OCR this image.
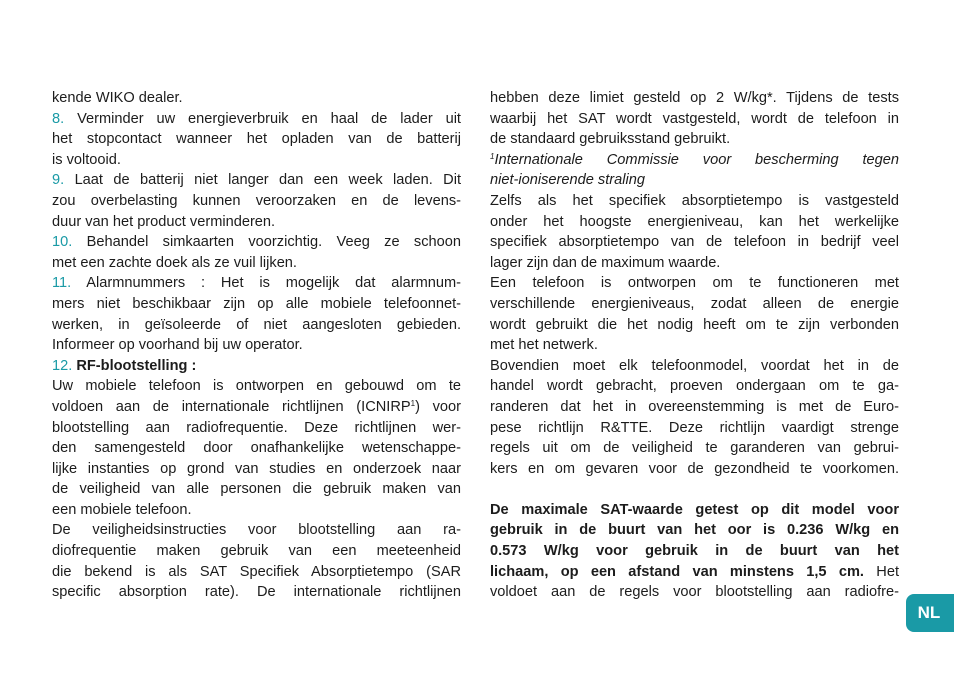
kende WIKO dealer.
8. Verminder uw energieverbruik en haal de lader uit
het stopcontact wanneer het opladen van de batterij
is voltooid.
9. Laat de batterij niet langer dan een week laden. Dit
zou overbelasting kunnen veroorzaken en de levens-
duur van het product verminderen.
10. Behandel simkaarten voorzichtig. Veeg ze schoon
met een zachte doek als ze vuil lijken.
11. Alarmnummers : Het is mogelijk dat alarmnum-
mers niet beschikbaar zijn op alle mobiele telefoonnet-
werken, in geïsoleerde of niet aangesloten gebieden.
Informeer op voorhand bij uw operator.
12. RF-blootstelling :
Uw mobiele telefoon is ontworpen en gebouwd om te
voldoen aan de internationale richtlijnen (ICNIRP$^1$) voor
blootstelling aan radiofrequentie. Deze richtlijnen wer-
den samengesteld door onafhankelijke wetenschappe-
lijke instanties op grond van studies en onderzoek naar
de veiligheid van alle personen die gebruik maken van
een mobiele telefoon.
De veiligheidsinstructies voor blootstelling aan ra-
diofrequentie maken gebruik van een meeteenheid
die bekend is als SAT Specifiek Absorptietempo (SAR
specific absorption rate). De internationale richtlijnen
hebben deze limiet gesteld op 2 W/kg*. Tijdens de tests
waarbij het SAT wordt vastgesteld, wordt de telefoon in
de standaard gebruiksstand gebruikt.
$^1$Internationale Commissie voor bescherming tegen
niet-ioniserende straling
Zelfs als het specifiek absorptietempo is vastgesteld
onder het hoogste energieniveau, kan het werkelijke
specifiek absorptietempo van de telefoon in bedrijf veel
lager zijn dan de maximum waarde.
Een telefoon is ontworpen om te functioneren met
verschillende energieniveaus, zodat alleen de energie
wordt gebruikt die het nodig heeft om te zijn verbonden
met het netwerk.
Bovendien moet elk telefoonmodel, voordat het in de
handel wordt gebracht, proeven ondergaan om te ga-
randeren dat het in overeenstemming is met de Euro-
pese richtlijn R&TTE. Deze richtlijn vaardigt strenge
regels uit om de veiligheid te garanderen van gebrui-
kers en om gevaren voor de gezondheid te voorkomen.
De maximale SAT-waarde getest op dit model voor
gebruik in de buurt van het oor is 0.236 W/kg en
0.573 W/kg voor gebruik in de buurt van het
lichaam, op een afstand van minstens 1,5 cm. Het
voldoet aan de regels voor blootstelling aan radiofre-
NL
